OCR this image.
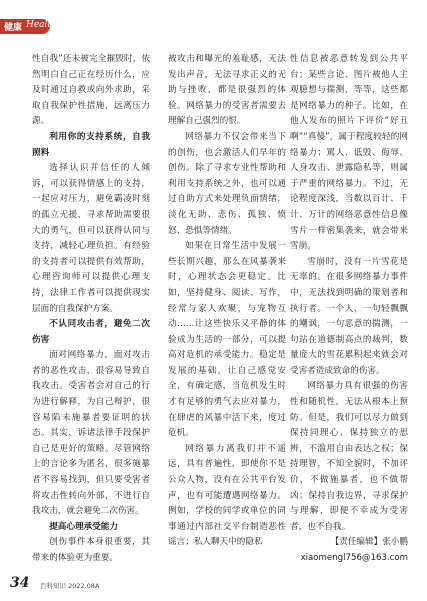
健康 Health

性自我”还未被完全摧毁时，依然明白自己正在经历什么，应及时通过自救或向外求助，采取自我保护性措施，远离压力源。

利用你的支持系统，自我照料

选择认识并信任的人倾诉，可以获得情感上的支持，一起应对压力，避免霸凌时刻的孤立无援，寻求帮助需要很大的勇气，但可以获得认同与支持，减轻心理负担。有经验的支持者可以提供有效帮助，心理咨询师可以提供心理支持，法律工作者可以提供现实层面的自我保护方案。

不认同攻击者，避免二次伤害

面对网络暴力，面对攻击者的恶性攻击，很容易导致自我攻击。受害者会对自己的行为进行解释，为自己辩护，很容易陷未施暴者要证明的状态。其实，诉诸法律手段保护自己是更好的策略。尽管网络上的言论多为匿名，很多施暴者不容易找到，但只要受害者将攻击性转向外部，不进行自我攻击，就会避免二次伤害。

提高心理承受能力

创伤事件本身很重要，其带来的体验更为重要。

被攻击和曝光的羞耻感，无法发出声音，无法寻求正义的无助与挫败，都是很强烈的体验。网络暴力的受害者需要去理解自己强烈的恨。

网络暴力不仅会带来当下的创伤，也会激活人们早年的创伤。除了寻求专业性帮助和利用支持系统之外，也可以通过自助方式来处理负面情绪，淡化无助、悲伤、孤独、愤怒、恐惧等情绪。

如果在日常生活中发展一些长期兴趣，那么在风暴袭来时，心理状态会更稳定。比如，坚持健身、阅读、写作，经常与家人欢聚，与宠物互动……让这些快乐又平静的体验成为生活的一部分，可以提高对危机的承受能力。稳定是发展的基础，让自己感觉安全，有确定感，当危机发生时才有足够的勇气去应对暴力，在肆虐的风暴中活下来，度过危机。

网络暴力离我们并不遥远，具有普遍性，即使你不是公众人物，没有在公共平台发声，也有可能遭遇网络暴力。例如，学校的同学或单位的同事通过内部社交平台制造恶性谣言；私人聊天中的隐私

性信息被恶意转发到公共平台；某些言论、图片被他人主观臆想与揣测，等等，这些都是网络暴力的种子。比如，在他人发布的照片下评价“好丑啊”“真傻”，属于程度较轻的网络暴力；駡人、诋毁、侮辱、人身攻击、泄露隐私等，则属于严重的网络暴力。不过，无论程度深浅，当数以百计、千计、万计的网络恶意性信息像雪片一样密集袭来，就会带来雪崩。

雪崩时，没有一片雪花是无辜的。在很多网络暴力事件中，无法找到明确的策划者和执行者。一个人，一句轻飘飘的嘲讽，一句恶意的揣测，一句站在道德制高点的裁判，数量庞大的雪花累积起来就会对受害者造成致命的伤害。

网络暴力具有很强的伤害性和随机性，无法从根本上预防。但是，我们可以尽力做到保持同理心、保持独立的思辨，不滥用自由表达之权；保持理智，不知全貌时，不加评价，不做施暴者，也不做帮凶；保持自我边界，寻求保护与理解，即便不幸成为受害者，也不自我。

【责任编辑】张小鹏

xiaomengl756@163.com

34 百科知识 2022.08A
